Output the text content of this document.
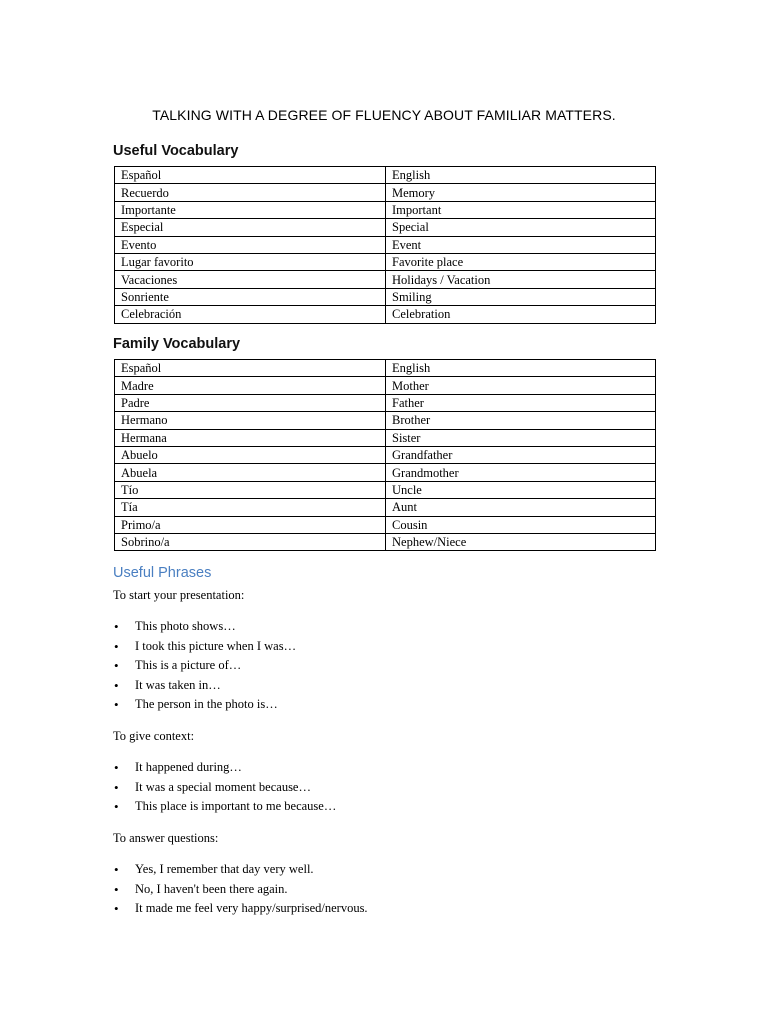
TALKING WITH A DEGREE OF FLUENCY ABOUT FAMILIAR MATTERS.
Useful Vocabulary
Español	English
Recuerdo	Memory
Importante	Important
Especial	Special
Evento	Event
Lugar favorito	Favorite place
Vacaciones	Holidays / Vacation
Sonriente	Smiling
Celebración	Celebration
Family Vocabulary
Español	English
Madre	Mother
Padre	Father
Hermano	Brother
Hermana	Sister
Abuelo	Grandfather
Abuela	Grandmother
Tío	Uncle
Tía	Aunt
Primo/a	Cousin
Sobrino/a	Nephew/Niece
Useful Phrases

To start your presentation:

• This photo shows…
• I took this picture when I was…
• This is a picture of…
• It was taken in…
• The person in the photo is…

To give context:

• It happened during…
• It was a special moment because…
• This place is important to me because…

To answer questions:

• Yes, I remember that day very well.
• No, I haven't been there again.
• It made me feel very happy/surprised/nervous.
